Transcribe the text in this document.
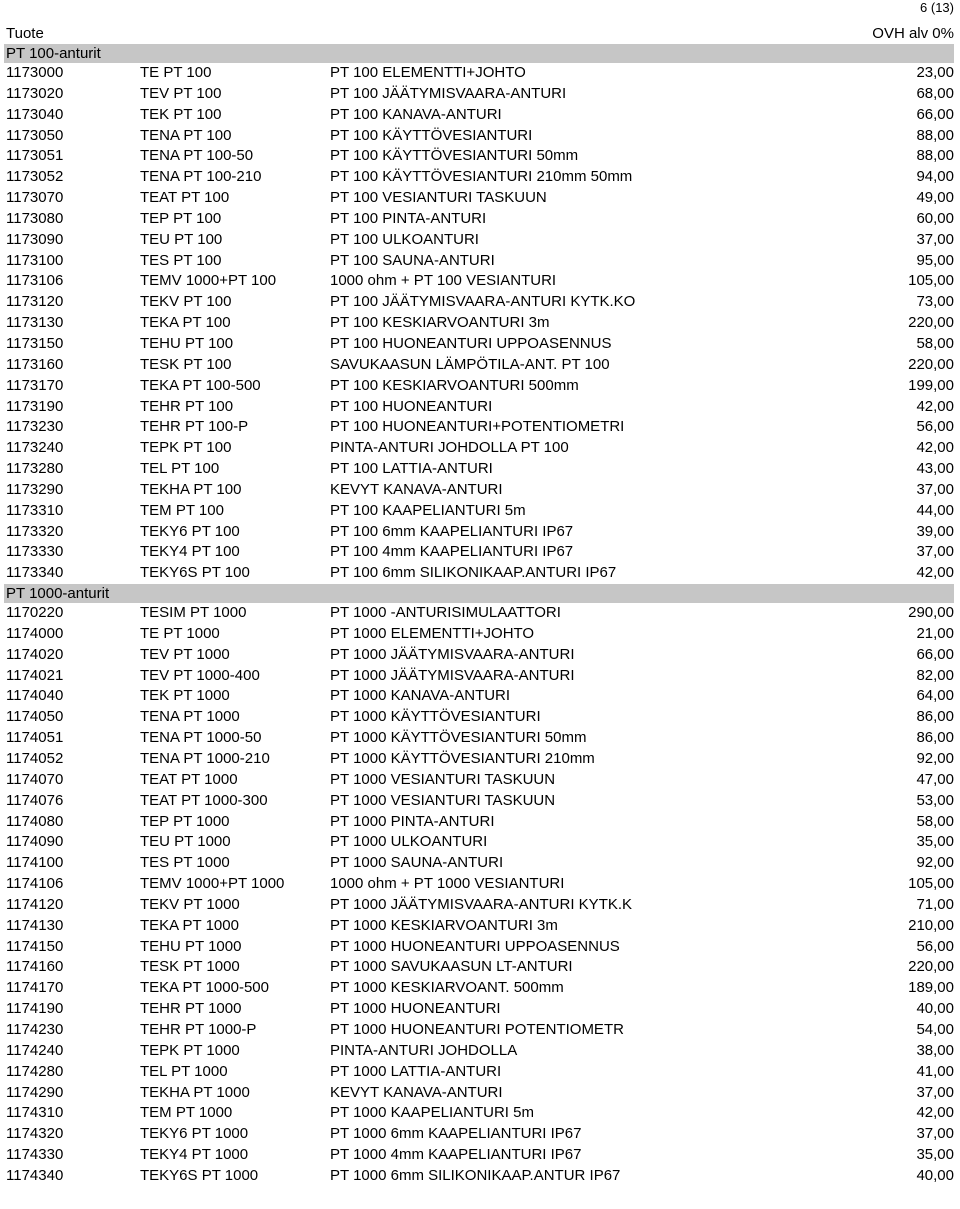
6 (13)
Tuote	OVH alv 0%
PT 100-anturit
1173000	TE PT 100	PT 100 ELEMENTTI+JOHTO	23,00
1173020	TEV PT 100	PT 100 JÄÄTYMISVAARA-ANTURI	68,00
1173040	TEK PT 100	PT 100 KANAVA-ANTURI	66,00
1173050	TENA PT 100	PT 100 KÄYTTÖVESIANTURI	88,00
1173051	TENA PT 100-50	PT 100 KÄYTTÖVESIANTURI 50mm	88,00
1173052	TENA PT 100-210	PT 100 KÄYTTÖVESIANTURI 210mm 50mm	94,00
1173070	TEAT PT 100	PT 100 VESIANTURI TASKUUN	49,00
1173080	TEP PT 100	PT 100 PINTA-ANTURI	60,00
1173090	TEU PT 100	PT 100 ULKOANTURI	37,00
1173100	TES PT 100	PT 100 SAUNA-ANTURI	95,00
1173106	TEMV 1000+PT 100	1000 ohm + PT 100 VESIANTURI	105,00
1173120	TEKV PT 100	PT 100 JÄÄTYMISVAARA-ANTURI KYTK.KO	73,00
1173130	TEKA PT 100	PT 100 KESKIARVOANTURI 3m	220,00
1173150	TEHU PT 100	PT 100 HUONEANTURI UPPOASENNUS	58,00
1173160	TESK PT 100	SAVUKAASUN LÄMPÖTILA-ANT. PT 100	220,00
1173170	TEKA PT 100-500	PT 100 KESKIARVOANTURI 500mm	199,00
1173190	TEHR PT 100	PT 100 HUONEANTURI	42,00
1173230	TEHR PT 100-P	PT 100 HUONEANTURI+POTENTIOMETRI	56,00
1173240	TEPK PT 100	PINTA-ANTURI JOHDOLLA PT 100	42,00
1173280	TEL PT 100	PT 100 LATTIA-ANTURI	43,00
1173290	TEKHA PT 100	KEVYT KANAVA-ANTURI	37,00
1173310	TEM PT 100	PT 100 KAAPELIANTURI 5m	44,00
1173320	TEKY6 PT 100	PT 100 6mm KAAPELIANTURI IP67	39,00
1173330	TEKY4 PT 100	PT 100 4mm KAAPELIANTURI IP67	37,00
1173340	TEKY6S PT 100	PT 100 6mm SILIKONIKAAP.ANTURI IP67	42,00
PT 1000-anturit
1170220	TESIM PT 1000	PT 1000 -ANTURISIMULAATTORI	290,00
1174000	TE PT 1000	PT 1000 ELEMENTTI+JOHTO	21,00
1174020	TEV PT 1000	PT 1000 JÄÄTYMISVAARA-ANTURI	66,00
1174021	TEV PT 1000-400	PT 1000 JÄÄTYMISVAARA-ANTURI	82,00
1174040	TEK PT 1000	PT 1000 KANAVA-ANTURI	64,00
1174050	TENA PT 1000	PT 1000 KÄYTTÖVESIANTURI	86,00
1174051	TENA PT 1000-50	PT 1000 KÄYTTÖVESIANTURI 50mm	86,00
1174052	TENA PT 1000-210	PT 1000 KÄYTTÖVESIANTURI 210mm	92,00
1174070	TEAT PT 1000	PT 1000 VESIANTURI TASKUUN	47,00
1174076	TEAT PT 1000-300	PT 1000 VESIANTURI TASKUUN	53,00
1174080	TEP PT 1000	PT 1000 PINTA-ANTURI	58,00
1174090	TEU PT 1000	PT 1000 ULKOANTURI	35,00
1174100	TES PT 1000	PT 1000 SAUNA-ANTURI	92,00
1174106	TEMV 1000+PT 1000	1000 ohm + PT 1000 VESIANTURI	105,00
1174120	TEKV PT 1000	PT 1000 JÄÄTYMISVAARA-ANTURI KYTK.K	71,00
1174130	TEKA PT 1000	PT 1000 KESKIARVOANTURI 3m	210,00
1174150	TEHU PT 1000	PT 1000 HUONEANTURI UPPOASENNUS	56,00
1174160	TESK PT 1000	PT 1000 SAVUKAASUN LT-ANTURI	220,00
1174170	TEKA PT 1000-500	PT 1000 KESKIARVOANT. 500mm	189,00
1174190	TEHR PT 1000	PT 1000 HUONEANTURI	40,00
1174230	TEHR PT 1000-P	PT 1000 HUONEANTURI POTENTIOMETR	54,00
1174240	TEPK PT 1000	PINTA-ANTURI JOHDOLLA	38,00
1174280	TEL PT 1000	PT 1000 LATTIA-ANTURI	41,00
1174290	TEKHA PT 1000	KEVYT KANAVA-ANTURI	37,00
1174310	TEM PT 1000	PT 1000 KAAPELIANTURI 5m	42,00
1174320	TEKY6 PT 1000	PT 1000 6mm KAAPELIANTURI IP67	37,00
1174330	TEKY4 PT 1000	PT 1000 4mm KAAPELIANTURI IP67	35,00
1174340	TEKY6S PT 1000	PT 1000 6mm SILIKONIKAAP.ANTUR IP67	40,00
